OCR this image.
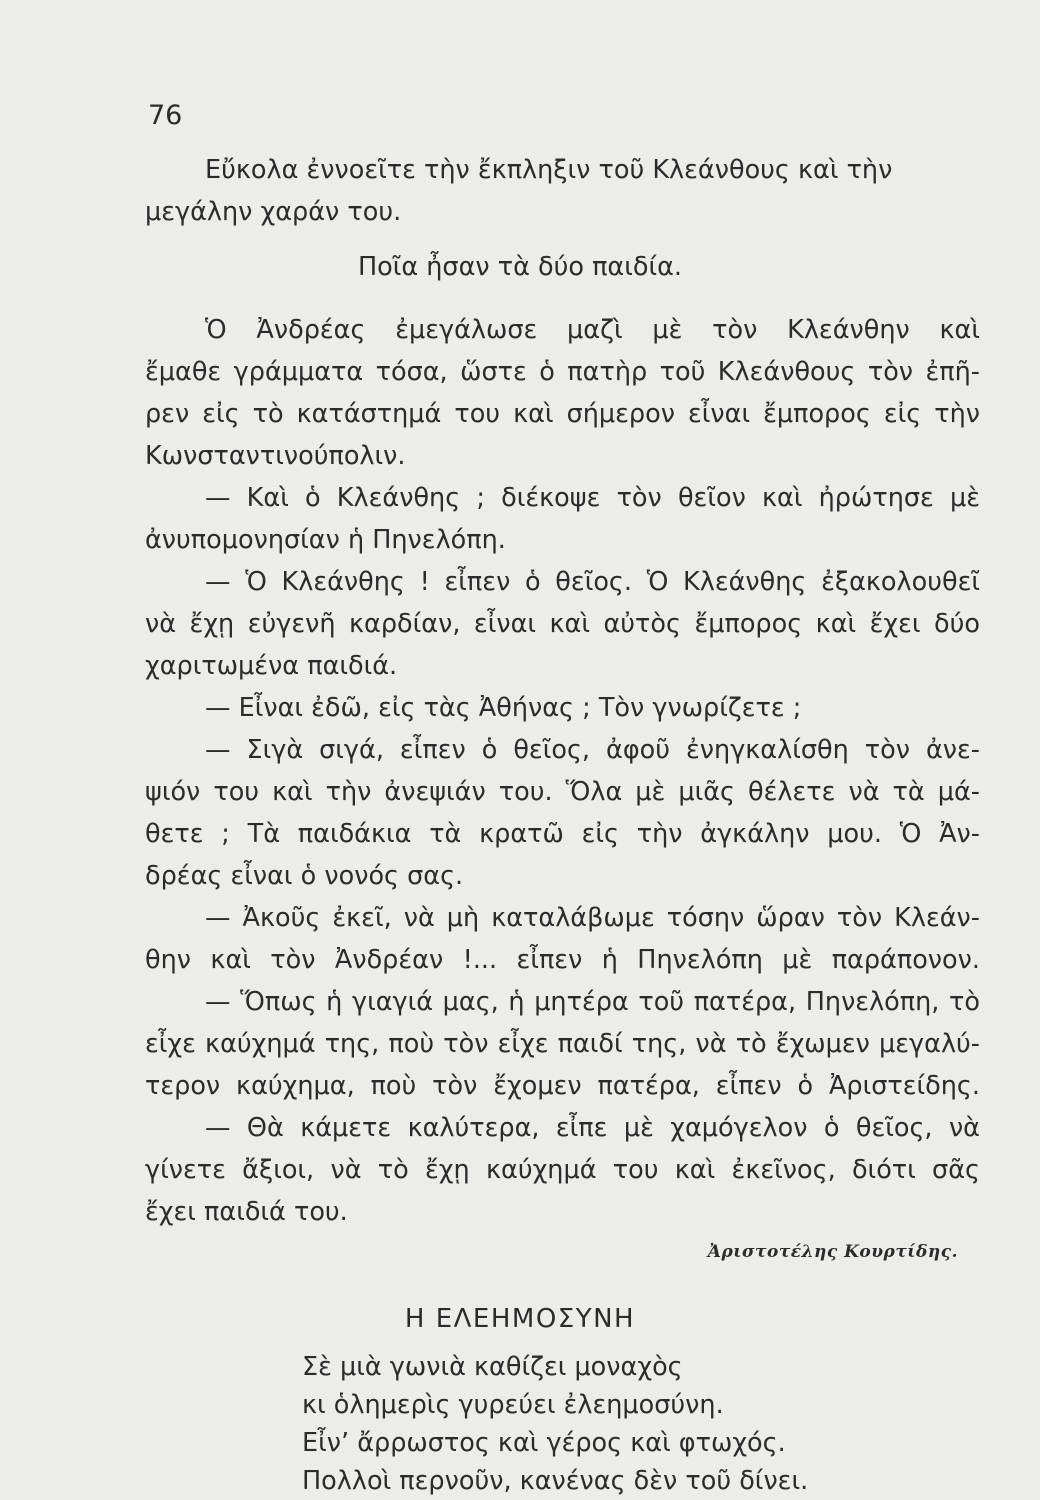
76
Εὔκολα ἐννοεῖτε τὴν ἔκπληξιν τοῦ Κλεάνθους καὶ τὴν
μεγάλην χαράν του.
Ποῖα ἦσαν τὰ δύο παιδία.
Ὁ Ἀνδρέας ἐμεγάλωσε μαζὶ μὲ τὸν Κλεάνθην καὶ
ἔμαθε γράμματα τόσα, ὥστε ὁ πατὴρ τοῦ Κλεάνθους τὸν ἐπῆ-
ρεν εἰς τὸ κατάστημά του καὶ σήμερον εἶναι ἔμπορος εἰς τὴν
Κωνσταντινούπολιν.
— Καὶ ὁ Κλεάνθης ; διέκοψε τὸν θεῖον καὶ ἠρώτησε μὲ
ἀνυπομονησίαν ἡ Πηνελόπη.
— Ὁ Κλεάνθης ! εἶπεν ὁ θεῖος. Ὁ Κλεάνθης ἐξακολουθεῖ
νὰ ἔχῃ εὐγενῆ καρδίαν, εἶναι καὶ αὐτὸς ἔμπορος καὶ ἔχει δύο
χαριτωμένα παιδιά.
— Εἶναι ἐδῶ, εἰς τὰς Ἀθήνας ; Τὸν γνωρίζετε ;
— Σιγὰ σιγά, εἶπεν ὁ θεῖος, ἀφοῦ ἐνηγκαλίσθη τὸν ἀνε-
ψιόν του καὶ τὴν ἀνεψιάν του. Ὅλα μὲ μιᾶς θέλετε νὰ τὰ μά-
θετε ; Τὰ παιδάκια τὰ κρατῶ εἰς τὴν ἀγκάλην μου. Ὁ Ἀν-
δρέας εἶναι ὁ νονός σας.
— Ἀκοῦς ἐκεῖ, νὰ μὴ καταλάβωμε τόσην ὥραν τὸν Κλεάν-
θην καὶ τὸν Ἀνδρέαν !... εἶπεν ἡ Πηνελόπη μὲ παράπονον.
— Ὅπως ἡ γιαγιά μας, ἡ μητέρα τοῦ πατέρα, Πηνελόπη, τὸ
εἶχε καύχημά της, ποὺ τὸν εἶχε παιδί της, νὰ τὸ ἔχωμεν μεγαλύ-
τερον καύχημα, ποὺ τὸν ἔχομεν πατέρα, εἶπεν ὁ Ἀριστείδης.
— Θὰ κάμετε καλύτερα, εἶπε μὲ χαμόγελον ὁ θεῖος, νὰ
γίνετε ἄξιοι, νὰ τὸ ἔχῃ καύχημά του καὶ ἐκεῖνος, διότι σᾶς
ἔχει παιδιά του.
Ἀριστοτέλης Κουρτίδης.
Η ΕΛΕΗΜΟΣΥΝΗ
Σὲ μιὰ γωνιὰ καθίζει μοναχὸς
κι ὁλημερὶς γυρεύει ἐλεημοσύνη.
Εἶν’ ἄρρωστος καὶ γέρος καὶ φτωχός.
Πολλοὶ περνοῦν, κανένας δὲν τοῦ δίνει.
